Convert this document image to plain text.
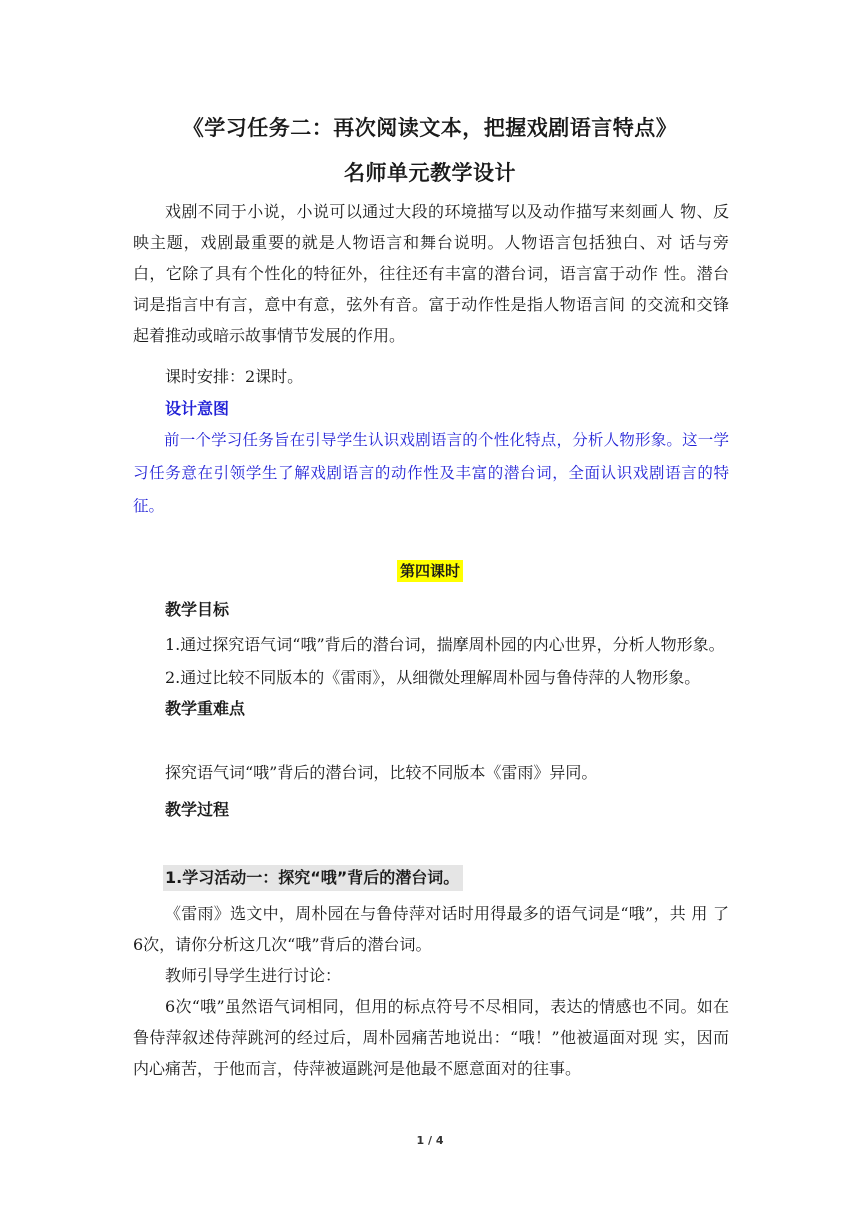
《学习任务二：再次阅读文本，把握戏剧语言特点》
名师单元教学设计

戏剧不同于小说，小说可以通过大段的环境描写以及动作描写来刻画人 物、反映主题，戏剧最重要的就是人物语言和舞台说明。人物语言包括独白、对 话与旁白，它除了具有个性化的特征外，往往还有丰富的潜台词，语言富于动作 性。潜台词是指言中有言，意中有意，弦外有音。富于动作性是指人物语言间 的交流和交锋起着推动或暗示故事情节发展的作用。

课时安排：2课时。
设计意图

前一个学习任务旨在引导学生认识戏剧语言的个性化特点，分析人物形象。这一学习任务意在引领学生了解戏剧语言的动作性及丰富的潜台词，全面认识戏剧语言的特征。

第四课时
教学目标

1.通过探究语气词“哦”背后的潜台词，揣摩周朴园的内心世界，分析人物形象。

2.通过比较不同版本的《雷雨》，从细微处理解周朴园与鲁侍萍的人物形象。

教学重难点
探究语气词“哦”背后的潜台词，比较不同版本《雷雨》异同。
教学过程
1.学习活动一：探究“哦”背后的潜台词。

《雷雨》选文中，周朴园在与鲁侍萍对话时用得最多的语气词是“哦”，共 用 了 6次，请你分析这几次“哦”背后的潜台词。

教师引导学生进行讨论：

6次“哦”虽然语气词相同，但用的标点符号不尽相同，表达的情感也不同。如在鲁侍萍叙述侍萍跳河的经过后，周朴园痛苦地说出：“哦！”他被逼面对现 实，因而内心痛苦，于他而言，侍萍被逼跳河是他最不愿意面对的往事。

1 / 4
